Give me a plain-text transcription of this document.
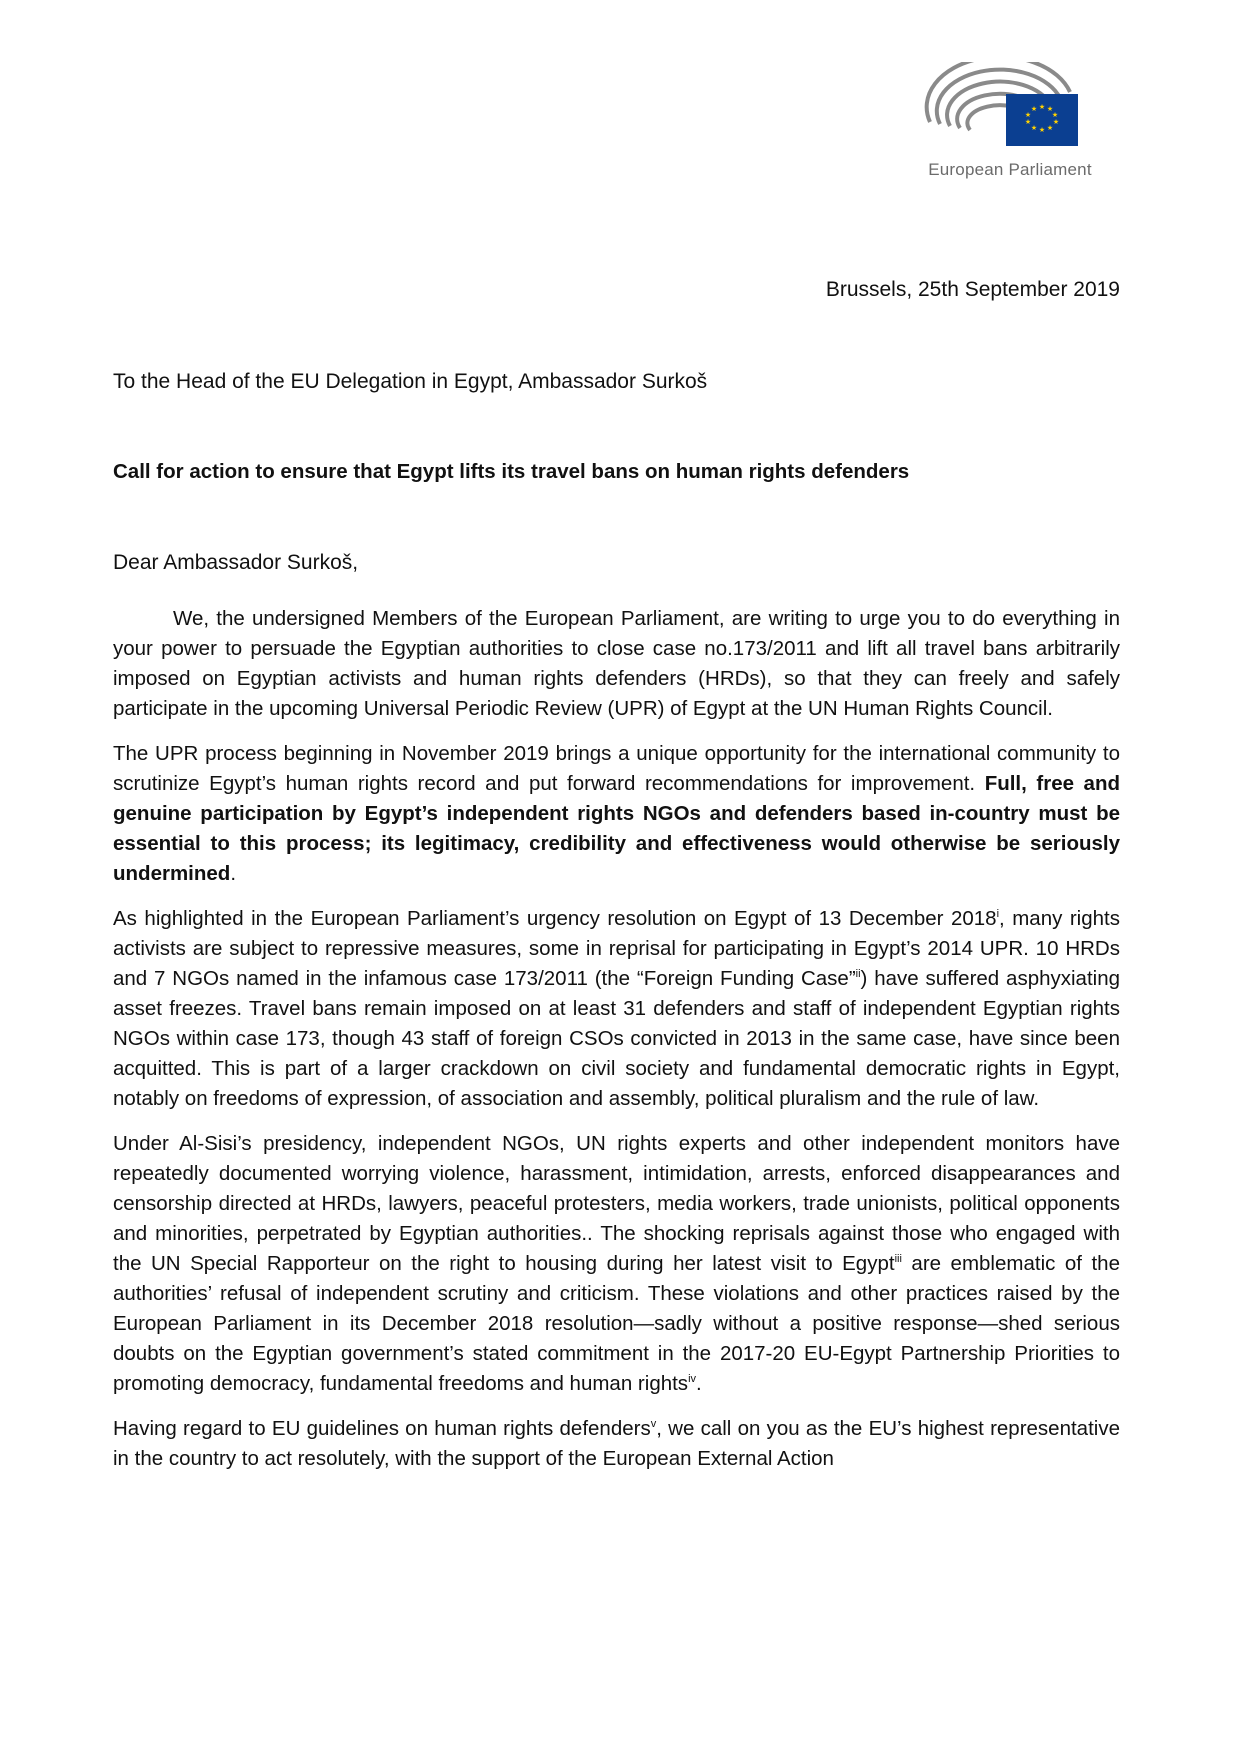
★ ★
★
★
★
★
★
★
★
★
European Parliament
Brussels, 25th September 2019
To the Head of the EU Delegation in Egypt, Ambassador Surkoš
Call for action to ensure that Egypt lifts its travel bans on human rights defenders
Dear Ambassador Surkoš,

We, the undersigned Members of the European Parliament, are writing to urge you to do everything in your power to persuade the Egyptian authorities to close case no.173/2011 and lift all travel bans arbitrarily imposed on Egyptian activists and human rights defenders (HRDs), so that they can freely and safely participate in the upcoming Universal Periodic Review (UPR) of Egypt at the UN Human Rights Council.

The UPR process beginning in November 2019 brings a unique opportunity for the international community to scrutinize Egypt’s human rights record and put forward recommendations for improvement. Full, free and genuine participation by Egypt’s independent rights NGOs and defenders based in-country must be essential to this process; its legitimacy, credibility and effectiveness would otherwise be seriously undermined.

As highlighted in the European Parliament’s urgency resolution on Egypt of 13 December 2018$^i$, many rights activists are subject to repressive measures, some in reprisal for participating in Egypt’s 2014 UPR. 10 HRDs and 7 NGOs named in the infamous case 173/2011 (the “Foreign Funding Case”$^{ii}$) have suffered asphyxiating asset freezes. Travel bans remain imposed on at least 31 defenders and staff of independent Egyptian rights NGOs within case 173, though 43 staff of foreign CSOs convicted in 2013 in the same case, have since been acquitted. This is part of a larger crackdown on civil society and fundamental democratic rights in Egypt, notably on freedoms of expression, of association and assembly, political pluralism and the rule of law.

Under Al-Sisi’s presidency, independent NGOs, UN rights experts and other independent monitors have repeatedly documented worrying violence, harassment, intimidation, arrests, enforced disappearances and censorship directed at HRDs, lawyers, peaceful protesters, media workers, trade unionists, political opponents and minorities, perpetrated by Egyptian authorities.. The shocking reprisals against those who engaged with the UN Special Rapporteur on the right to housing during her latest visit to Egypt$^{iii}$ are emblematic of the authorities’ refusal of independent scrutiny and criticism. These violations and other practices raised by the European Parliament in its December 2018 resolution—sadly without a positive response—shed serious doubts on the Egyptian government’s stated commitment in the 2017-20 EU-Egypt Partnership Priorities to promoting democracy, fundamental freedoms and human rights$^{iv}$.

Having regard to EU guidelines on human rights defenders$^v$, we call on you as the EU’s highest representative in the country to act resolutely, with the support of the European External Action
